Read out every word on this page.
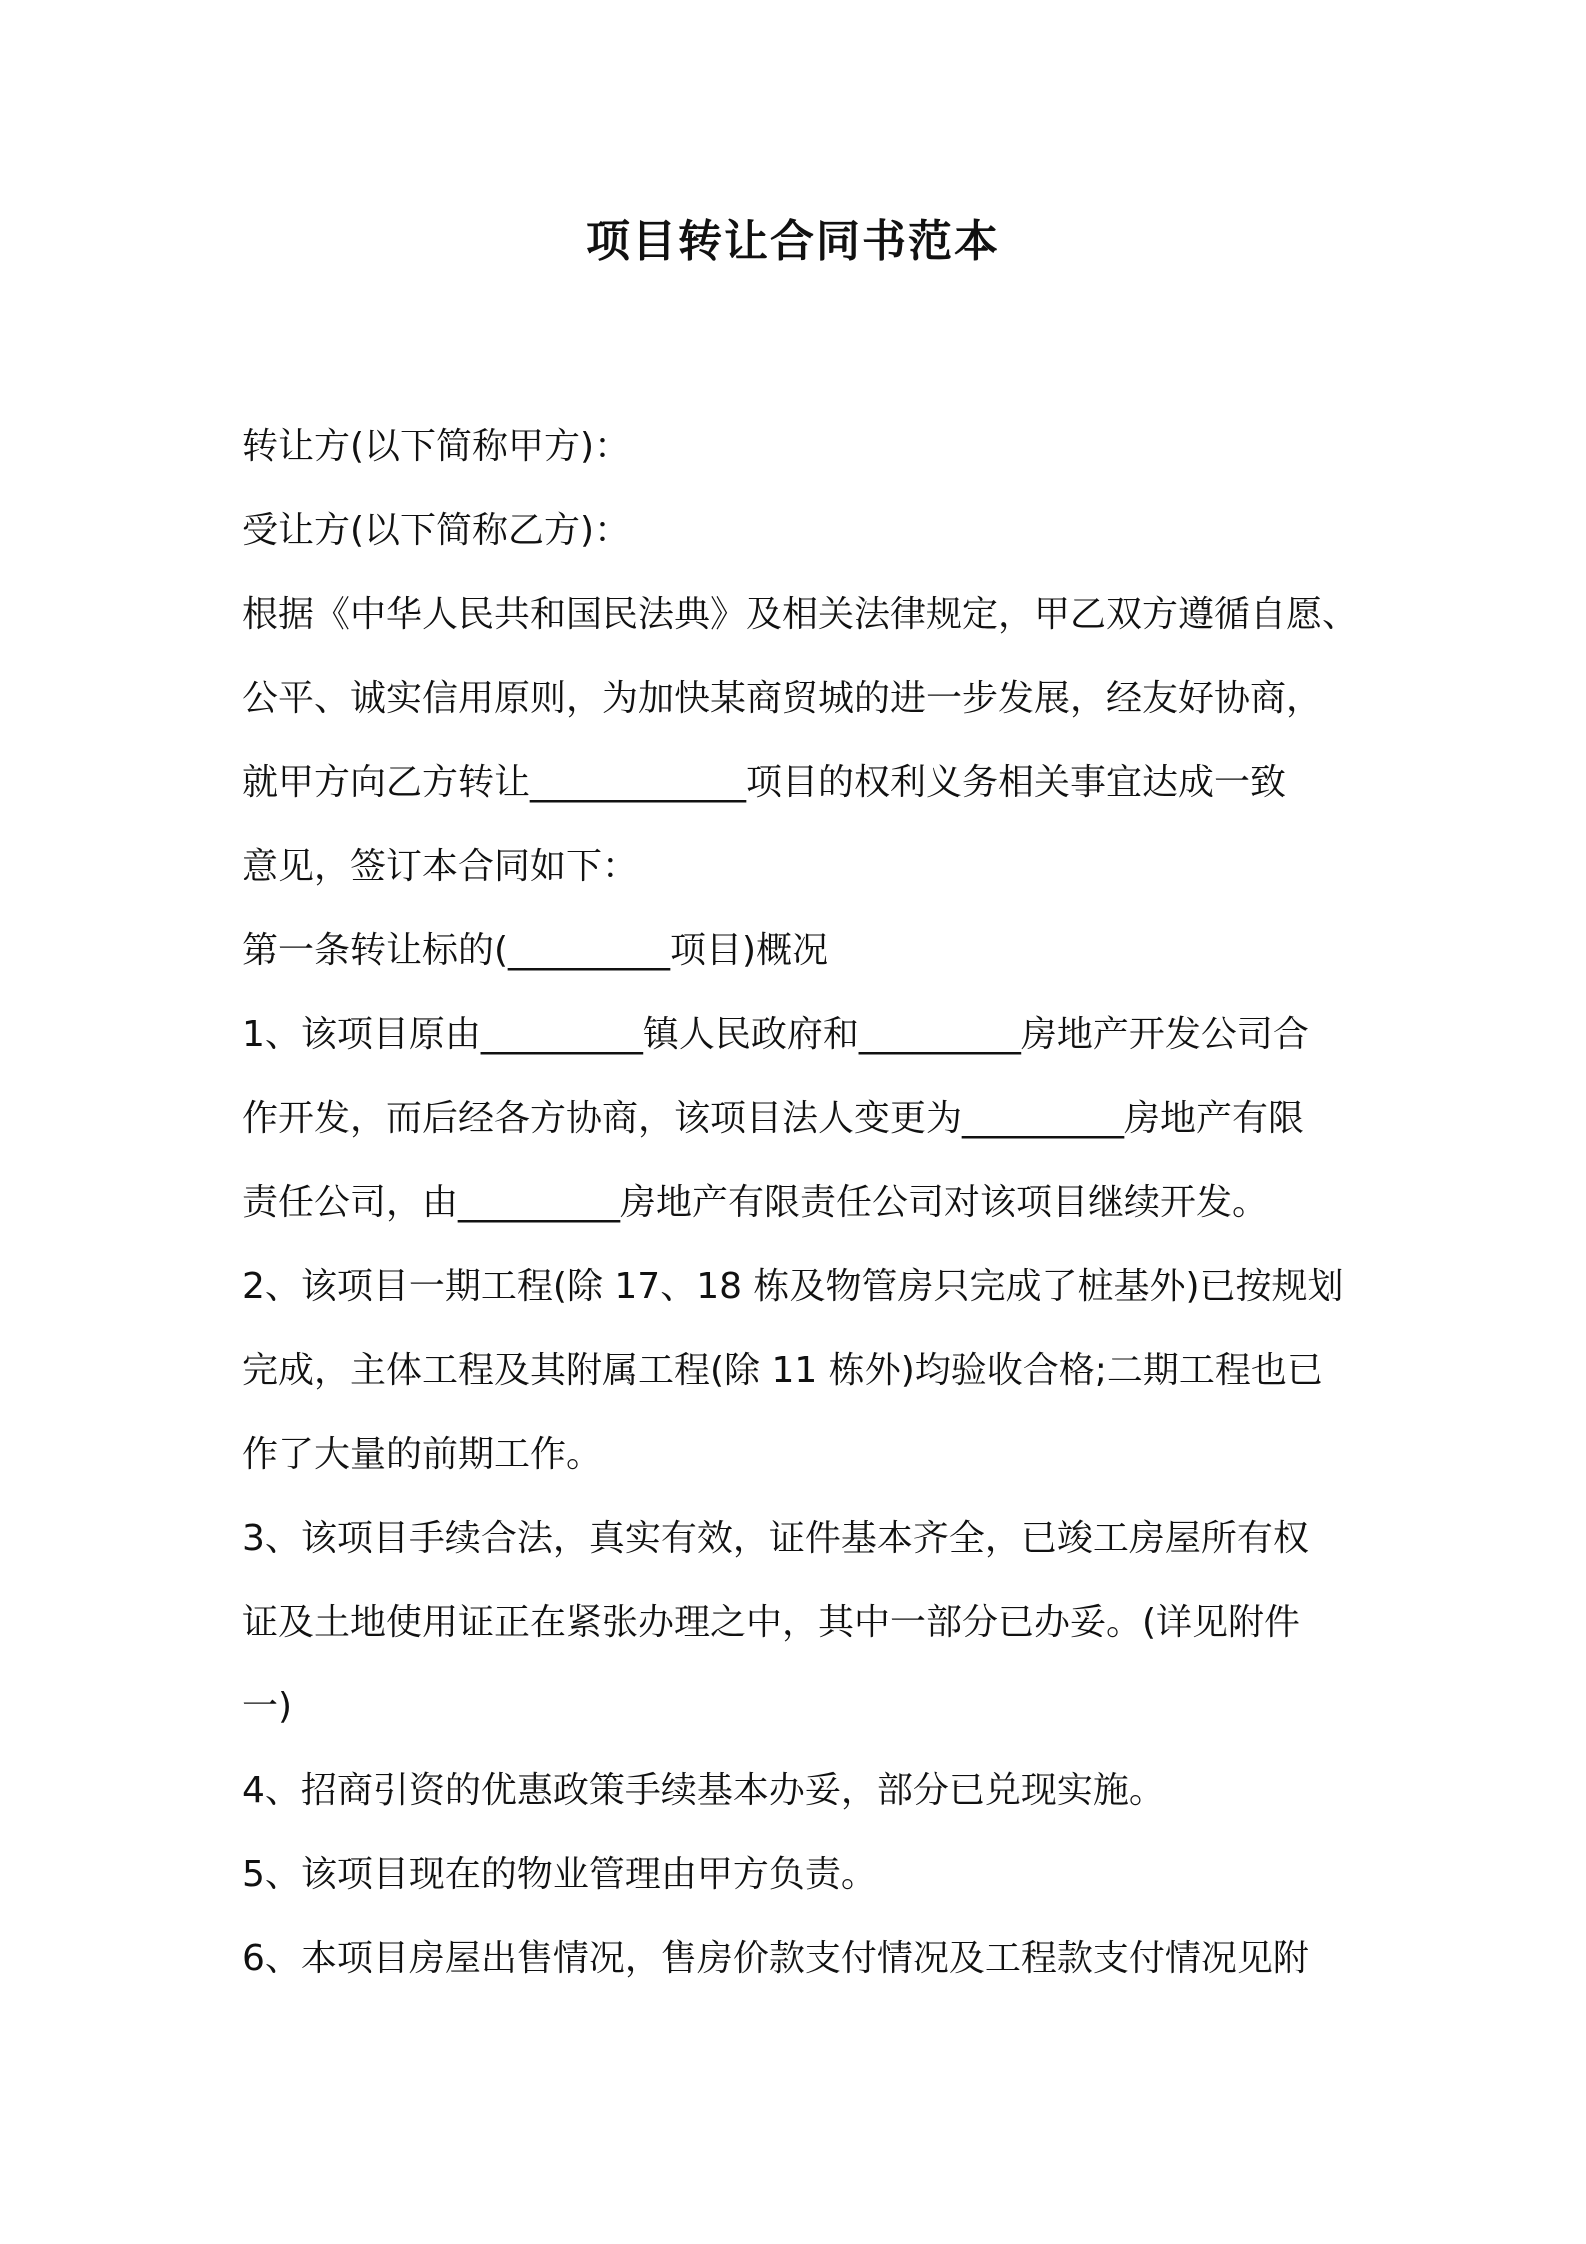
项目转让合同书范本

转让方(以下简称甲方)：

受让方(以下简称乙方)：

根据《中华人民共和国民法典》及相关法律规定，甲乙双方遵循自愿、

公平、诚实信用原则，为加快某商贸城的进一步发展，经友好协商，

就甲方向乙方转让____________项目的权利义务相关事宜达成一致

意见，签订本合同如下：

第一条转让标的(_________项目)概况

1、该项目原由_________镇人民政府和_________房地产开发公司合

作开发，而后经各方协商，该项目法人变更为_________房地产有限

责任公司，由_________房地产有限责任公司对该项目继续开发。

2、该项目一期工程(除 17、18 栋及物管房只完成了桩基外)已按规划

完成，主体工程及其附属工程(除 11 栋外)均验收合格;二期工程也已

作了大量的前期工作。

3、该项目手续合法，真实有效，证件基本齐全，已竣工房屋所有权

证及土地使用证正在紧张办理之中，其中一部分已办妥。(详见附件

一)

4、招商引资的优惠政策手续基本办妥，部分已兑现实施。

5、该项目现在的物业管理由甲方负责。

6、本项目房屋出售情况，售房价款支付情况及工程款支付情况见附
